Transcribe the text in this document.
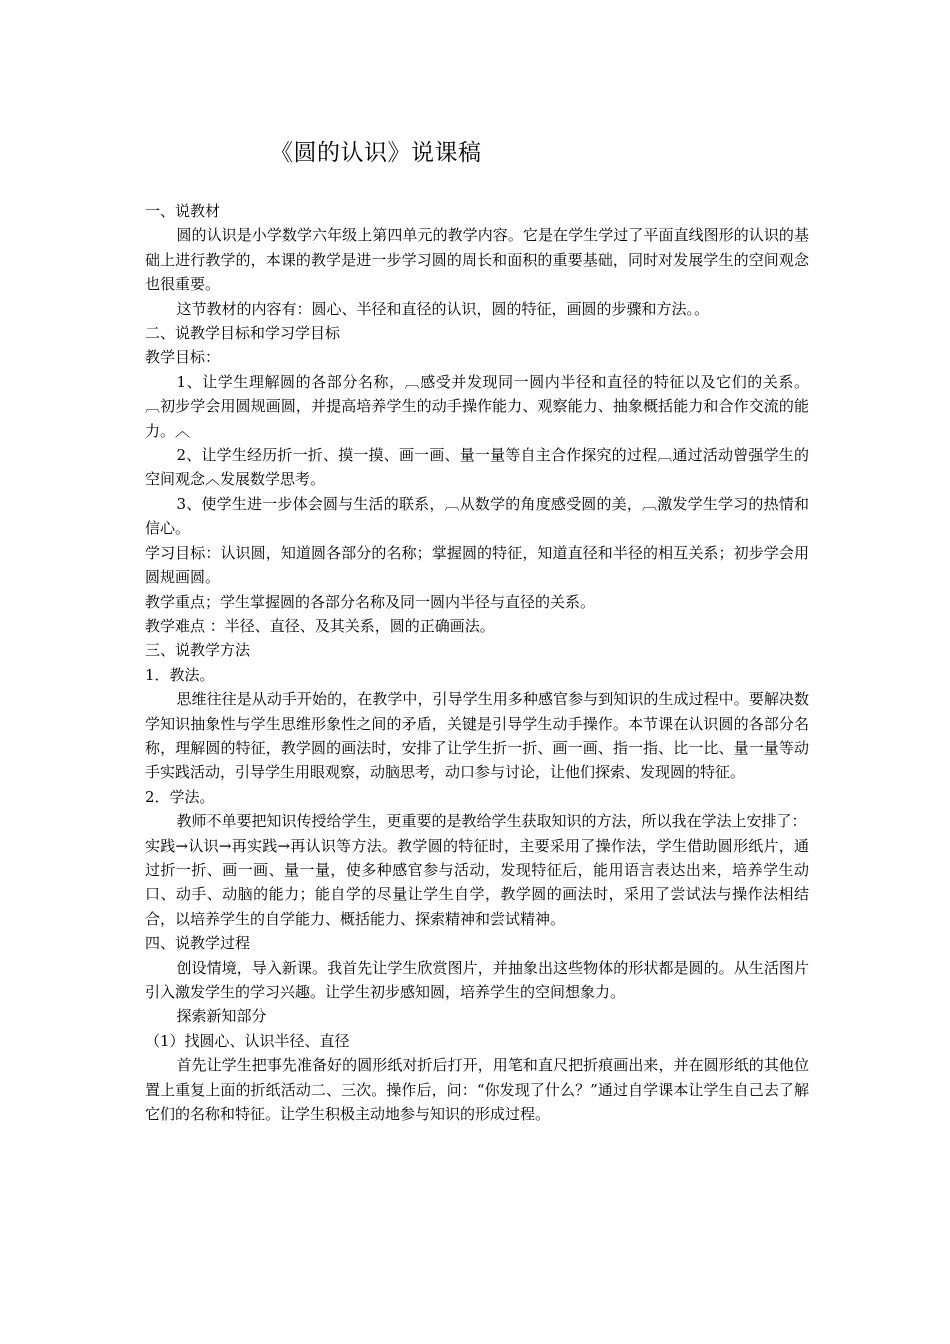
《圆的认识》说课稿

一、说教材

圆的认识是小学数学六年级上第四单元的教学内容。它是在学生学过了平面直线图形的认识的基础上进行教学的，本课的教学是进一步学习圆的周长和面积的重要基础，同时对发展学生的空间观念也很重要。

这节教材的内容有：圆心、半径和直径的认识，圆的特征，画圆的步骤和方法。。

二、说教学目标和学习学目标

教学目标：

1、让学生理解圆的各部分名称，︹感受并发现同一圆内半径和直径的特征以及它们的关系。︹初步学会用圆规画圆，并提高培养学生的动手操作能力、观察能力、抽象概括能力和合作交流的能力。︿

2、让学生经历折一折、摸一摸、画一画、量一量等自主合作探究的过程︹通过活动曾强学生的空间观念︿发展数学思考。

3、使学生进一步体会圆与生活的联系，︹从数学的角度感受圆的美，︹激发学生学习的热情和信心。

学习目标：认识圆，知道圆各部分的名称；掌握圆的特征，知道直径和半径的相互关系；初步学会用圆规画圆。

教学重点；学生掌握圆的各部分名称及同一圆内半径与直径的关系。

教学难点 ：半径、直径、及其关系，圆的正确画法。

三、说教学方法

1．教法。

思维往往是从动手开始的，在教学中，引导学生用多种感官参与到知识的生成过程中。要解决数学知识抽象性与学生思维形象性之间的矛盾，关键是引导学生动手操作。本节课在认识圆的各部分名称，理解圆的特征，教学圆的画法时，安排了让学生折一折、画一画、指一指、比一比、量一量等动手实践活动，引导学生用眼观察，动脑思考，动口参与讨论，让他们探索、发现圆的特征。

2．学法。

教师不单要把知识传授给学生，更重要的是教给学生获取知识的方法，所以我在学法上安排了：

实践→认识→再实践→再认识等方法。教学圆的特征时，主要采用了操作法，学生借助圆形纸片，通过折一折、画一画、量一量，使多种感官参与活动，发现特征后，能用语言表达出来，培养学生动口、动手、动脑的能力；能自学的尽量让学生自学，教学圆的画法时，采用了尝试法与操作法相结合，以培养学生的自学能力、概括能力、探索精神和尝试精神。

四、说教学过程

创设情境，导入新课。我首先让学生欣赏图片，并抽象出这些物体的形状都是圆的。从生活图片引入激发学生的学习兴趣。让学生初步感知圆，培养学生的空间想象力。

探索新知部分

（1）找圆心、认识半径、直径

首先让学生把事先准备好的圆形纸对折后打开，用笔和直尺把折痕画出来，并在圆形纸的其他位置上重复上面的折纸活动二、三次。操作后，问：“你发现了什么？”通过自学课本让学生自己去了解它们的名称和特征。让学生积极主动地参与知识的形成过程。
